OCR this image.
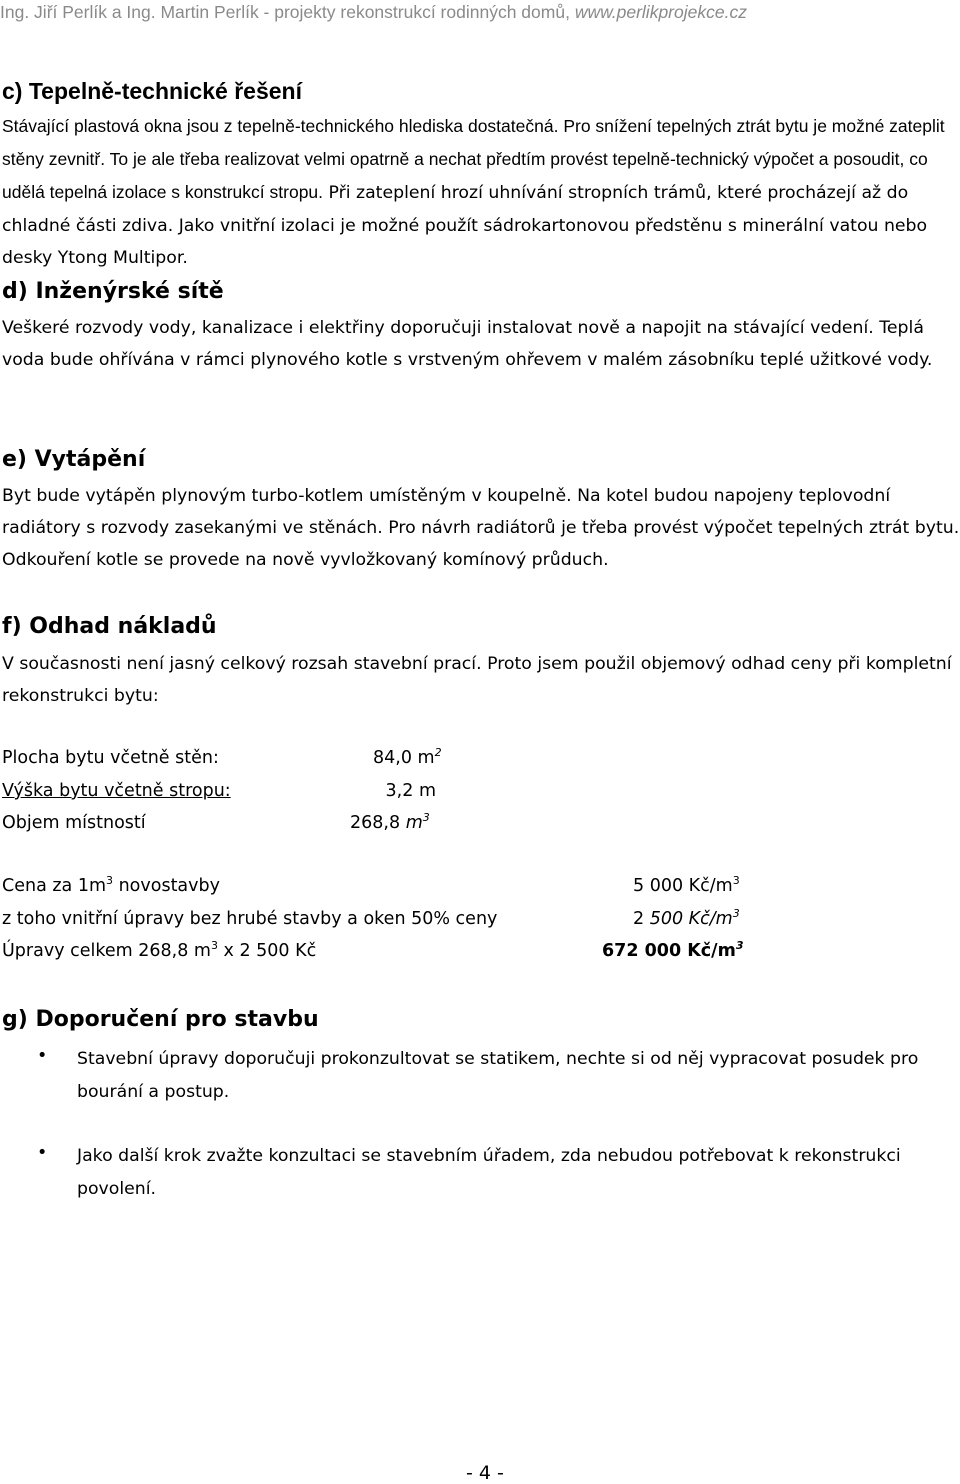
Ing. Jiří Perlík a Ing. Martin Perlík - projekty rekonstrukcí rodinných domů, www.perlikprojekce.cz
c) Tepelně-technické řešení
Stávající plastová okna jsou z tepelně-technického hlediska dostatečná. Pro snížení tepelných ztrát bytu je možné zateplit stěny zevnitř. To je ale třeba realizovat velmi opatrně a nechat předtím provést tepelně-technický výpočet a posoudit, co udělá tepelná izolace s konstrukcí stropu. Při zateplení hrozí uhnívání stropních trámů, které procházejí až do chladné části zdiva. Jako vnitřní izolaci je možné použít sádrokartonovou předstěnu s minerální vatou nebo desky Ytong Multipor.
d) Inženýrské sítě
Veškeré rozvody vody, kanalizace i elektřiny doporučuji instalovat nově a napojit na stávající vedení. Teplá voda bude ohřívána v rámci plynového kotle s vrstveným ohřevem v malém zásobníku teplé užitkové vody.
e) Vytápění
Byt bude vytápěn plynovým turbo-kotlem umístěným v koupelně. Na kotel budou napojeny teplovodní radiátory s rozvody zasekanými ve stěnách. Pro návrh radiátorů je třeba provést výpočet tepelných ztrát bytu. Odkouření kotle se provede na nově vyvložkovaný komínový průduch.
f) Odhad nákladů
V současnosti není jasný celkový rozsah stavební prací. Proto jsem použil objemový odhad ceny při kompletní rekonstrukci bytu:
Plocha bytu včetně stěn:	84,0 $m^2$
Výška bytu včetně stropu:	3,2 m
Objem místností	268,8 $m^3$
Cena za $1m^3$ novostavby	5 000 $Kč/m^3$
z toho vnitřní úpravy bez hrubé stavby a oken 50% ceny	2 500 $Kč/m^3$
Úpravy celkem 268,8 $m^3$ x 2 500 Kč	672 000 $Kč/m^3$
g) Doporučení pro stavbu
• Stavební úpravy doporučuji prokonzultovat se statikem, nechte si od něj vypracovat posudek pro bourání a postup.
• Jako další krok zvažte konzultaci se stavebním úřadem, zda nebudou potřebovat k rekonstrukci povolení.
- 4 -
